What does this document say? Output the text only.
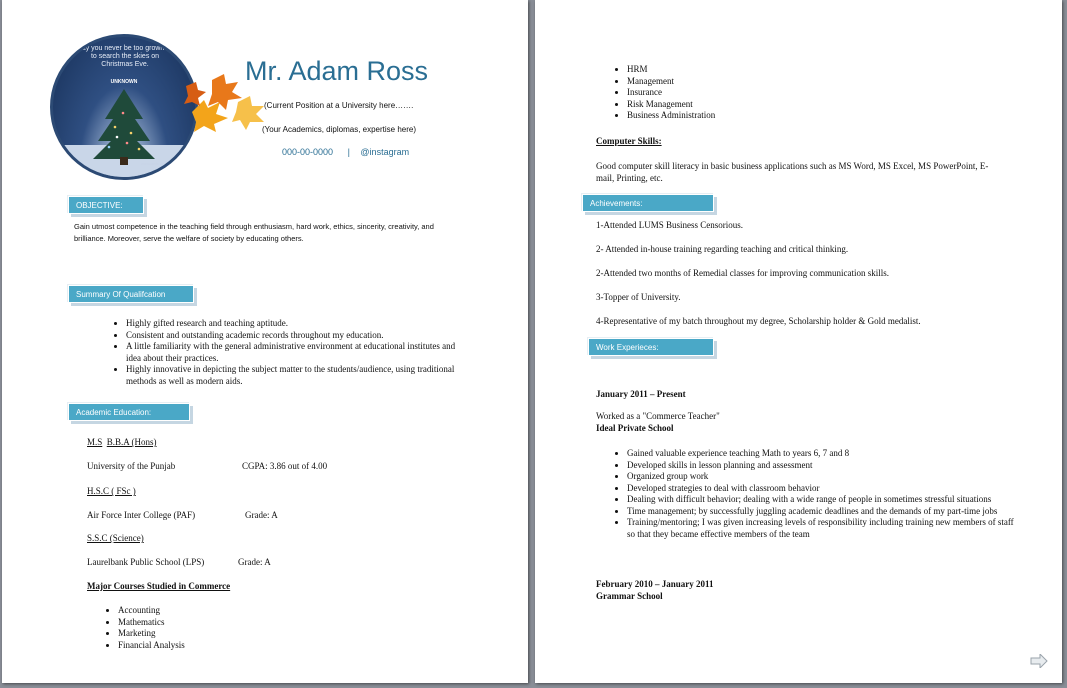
May you never be too grown up to search the skies on Christmas Eve.
UNKNOWN
wowcards.org
Mr. Adam Ross
(Current Position at a University here…….
(Your Academics, diplomas, expertise here)
000-00-0000 | @instagram
OBJECTIVE:
Gain utmost competence in the teaching field through enthusiasm, hard work, ethics, sincerity, creativity, and brilliance. Moreover, serve the welfare of society by educating others.
Summary Of Qualifcation
• Highly gifted research and teaching aptitude.
• Consistent and outstanding academic records throughout my education.
• A little familiarity with the general administrative environment at educational institutes and idea about their practices.
• Highly innovative in depicting the subject matter to the students/audience, using traditional methods as well as modern aids.
Academic Education:
M.S B.B.A (Hons)
University of the Punjab	CGPA: 3.86 out of 4.00
H.S.C ( FSc )
Air Force Inter College (PAF)	Grade: A
S.S.C (Science)
Laurelbank Public School (LPS)	Grade: A
Major Courses Studied in Commerce
• Accounting
• Mathematics
• Marketing
• Financial Analysis
• HRM
• Management
• Insurance
• Risk Management
• Business Administration
Computer Skills:
Good computer skill literacy in basic business applications such as MS Word, MS Excel, MS PowerPoint, E-mail, Printing, etc.
Achievements:
1-Attended LUMS Business Censorious.
2- Attended in-house training regarding teaching and critical thinking.
2-Attended two months of Remedial classes for improving communication skills.
3-Topper of University.
4-Representative of my batch throughout my degree, Scholarship holder & Gold medalist.
Work Experieces:
January 2011 – Present
Worked as a "Commerce Teacher"
Ideal Private School
• Gained valuable experience teaching Math to years 6, 7 and 8
• Developed skills in lesson planning and assessment
• Organized group work
• Developed strategies to deal with classroom behavior
• Dealing with difficult behavior; dealing with a wide range of people in sometimes stressful situations
• Time management; by successfully juggling academic deadlines and the demands of my part-time jobs
• Training/mentoring; I was given increasing levels of responsibility including training new members of staff so that they became effective members of the team
February 2010 – January 2011
Grammar School
